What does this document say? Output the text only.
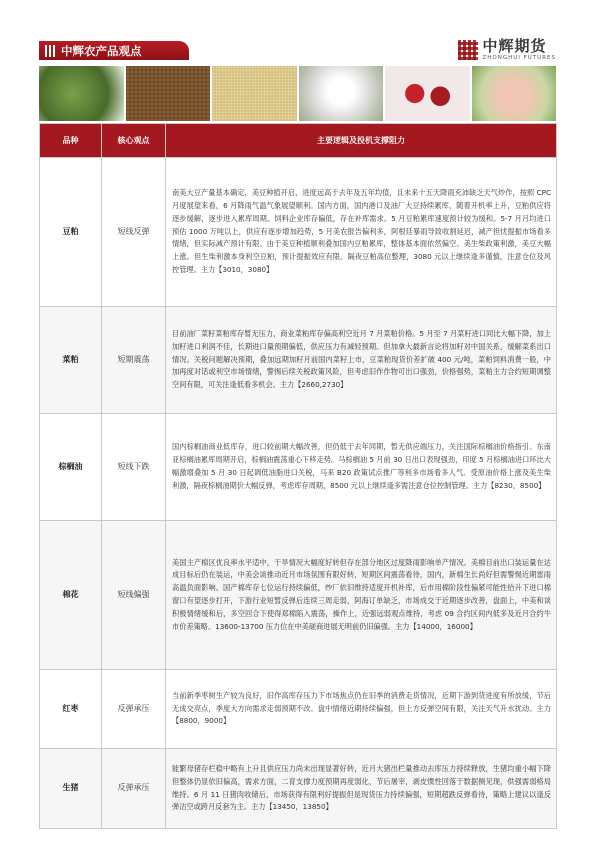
中辉农产品观点	中辉期货
ZHONGHUI FUTURES
品种	核心观点	主要逻辑及投机支撑阻力
豆粕	短线反弹	南美大豆产量基本确定，美豆种植开启，进度远高于去年及五年均值，且未来十五天降雨充沛缺乏天气炒作，按照 CPC 月度展望来看，6 月降雨气温气象展望顺利。国内方面，国内港口及油厂大豆持续累库，随着开机率上升，豆粕供应将逐步缓解，逐步进入累库周期。饲料企业库存偏低，存在补库需求。5 月豆粕累库速度预计较为缓和。5-7 月月均进口预估 1000 万吨以上，供应有逐步增加趋势，5 月美农报告偏利多，阿根廷暴雨导致收割延迟，减产担忧提振市场看多情绪，但实际减产预计有限。由于美豆种植顺利叠加国内豆粕累库，整体基本面依然偏空。美生柴政策利激，美豆大幅上涨。但生柴利激本身利空豆粕，预计提振效应有限。隔夜豆粕高位整理，3080 元以上继续逢多谨慎，注意仓位及风控管理。主力【3010，3080】
菜粕	短期震荡	目前油厂菜籽菜粕库存暂无压力，商业菜粕库存偏高利空近月 7 月菜粕价格。5 月至 7 月菜籽进口同比大幅下降，加上加籽进口利润不佳，长期进口量预期偏低，供应压力有减轻预期。但加拿大最新言论将加籽对中国关系，缓解菜系出口情况。关税问题解决预期，叠加远期加籽月前国内菜籽上市，豆菜粕现货价差扩破 400 元/吨，菜粕饲料消费一般，中加再度对话或利空市场情绪，警惕后续关税政策风险，但考虑旧作作物可出口强劲，价格强势，菜粕主力合约短期调整空间有限，可关注逢低看多机会。主力【2660,2730】
棕榈油	短线下跌	国内棕榈油商业低库存，进口较前期大幅改善，但仍低于去年同期，暂无供应端压力，关注国际棕榈油价格指引。东南亚棕榈油累库周期开启，棕榈油震荡重心下移走势。马棕榈油 5 月前 30 日出口表现强劲，印度 5 月棕榈油进口环比大幅激增叠加 5 月 30 日起调低油脂进口关税，马来 B20 政策试点推广等利多市场看多人气。受原油价格上涨及美生柴利激，隔夜棕榈油期价大幅反弹，考虑库存周期，8500 元以上继续逢多需注意仓位控制管理。主力【8230，8500】
棉花	短线偏强	美国主产棉区优良率水平适中，干旱情况大幅度好转但存在部分地区过度降雨影响单产情况。美棉目前出口装运量在达成目标后仍在装运，中美会谈推动近月市场氛围有限好转，短期区间震荡看待，国内，新棉生长尚好但需警惕近期雷雨高温负面影响。国产棉库存七位运行持续偏低，纱厂依旧维持适度开机补库，后市用棉阶段性偏紧可能性拾升下进口棉窗口有望逐步打开，下游行业短暂反弹后连续三周走弱，阿海订单缺乏，市场成交于近期逐步改善，盘面上，中美和谈积极情绪缓和后，多空回合下使得郑棉陷入震荡，操作上，近强远弱观点维持，考虑 09 合约区间内低多及近月合约牛市价差策略。13600-13700 压力位在中美磋商进展无明前仍旧偏强。主力【14000，16000】
红枣	反弹承压	当前新季枣树生产较为良好，旧作高库存压力下市场焦点仍在旧季的消费走货情况，近期下游到货进度有所放缓，节后无成交亮点，季度大方向需求走弱预期不改。盘中情绪近期持续偏强，但上方反弹空间有限，关注天气升水扰动。主力【8800，9000】
生猪	反弹承压	能繁母猪存栏稳中略有上升且供应压力尚未出现显著好转，近月大猪出栏量推动去库压力持续释放，生猪均重小幅下降但整体仍显依旧偏高，需求方面，二育支撑力度预期再度弱化，节后屠宰，剥皮惯性回落于数据侧见现，供强需弱格局维持。6 月 11 日猪肉收储后，市场获得有限利好提振但是现货压力持续偏强，短期超跌反弹看待，策略上建议以逢反弹沽空或跨月反套为主。主力【13450，13850】
